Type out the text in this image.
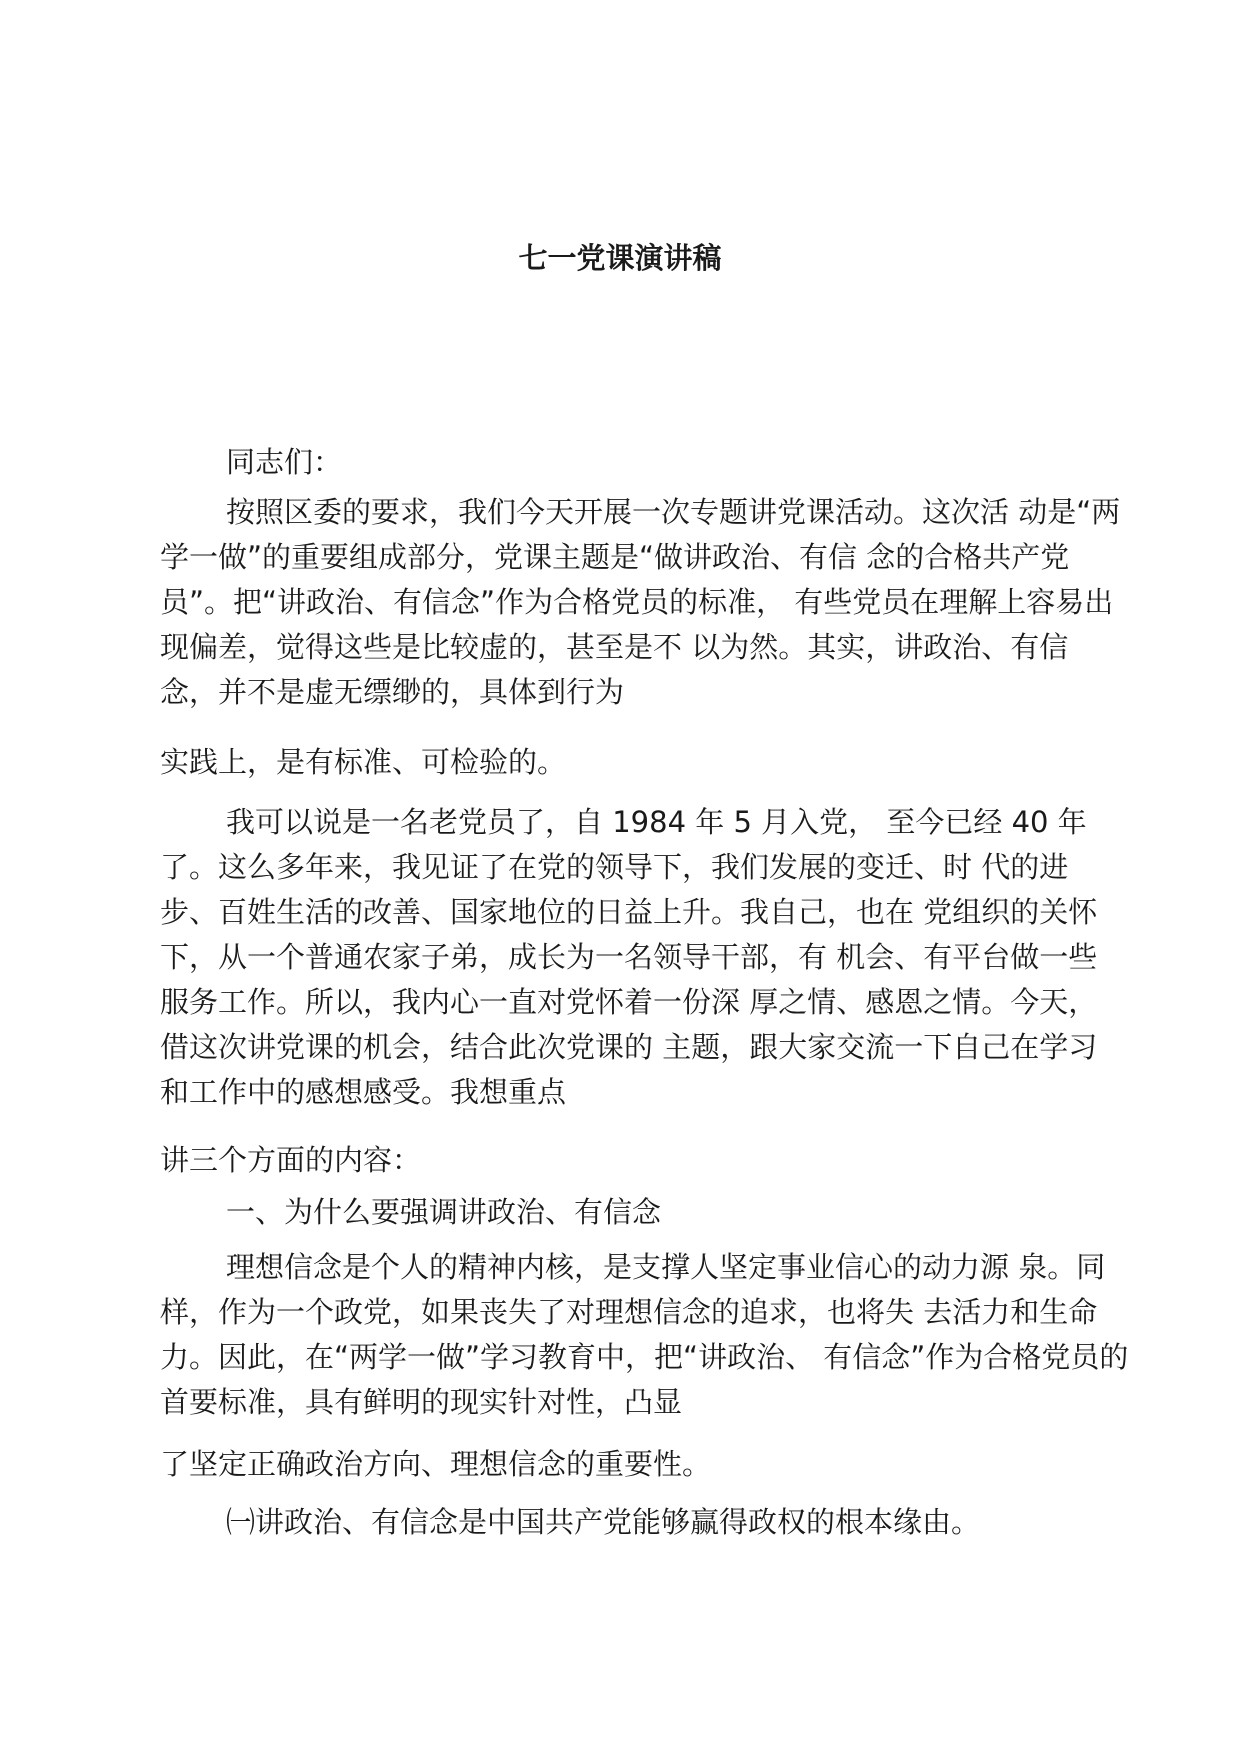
七一党课演讲稿
同志们：
按照区委的要求，我们今天开展一次专题讲党课活动。这次活 动是“两
学一做”的重要组成部分，党课主题是“做讲政治、有信 念的合格共产党
员”。把“讲政治、有信念”作为合格党员的标准， 有些党员在理解上容易出
现偏差，觉得这些是比较虚的，甚至是不 以为然。其实，讲政治、有信
念，并不是虚无缥缈的，具体到行为
实践上，是有标准、可检验的。
我可以说是一名老党员了，自 1984 年 5 月入党， 至今已经 40 年
了。这么多年来，我见证了在党的领导下，我们发展的变迁、时 代的进
步、百姓生活的改善、国家地位的日益上升。我自己，也在 党组织的关怀
下，从一个普通农家子弟，成长为一名领导干部，有 机会、有平台做一些
服务工作。所以，我内心一直对党怀着一份深 厚之情、感恩之情。今天，
借这次讲党课的机会，结合此次党课的 主题，跟大家交流一下自己在学习
和工作中的感想感受。我想重点
讲三个方面的内容：
一、为什么要强调讲政治、有信念
理想信念是个人的精神内核，是支撑人坚定事业信心的动力源 泉。同
样，作为一个政党，如果丧失了对理想信念的追求，也将失 去活力和生命
力。因此，在“两学一做”学习教育中，把“讲政治、 有信念”作为合格党员的
首要标准，具有鲜明的现实针对性，凸显
了坚定正确政治方向、理想信念的重要性。
㈠讲政治、有信念是中国共产党能够赢得政权的根本缘由。
